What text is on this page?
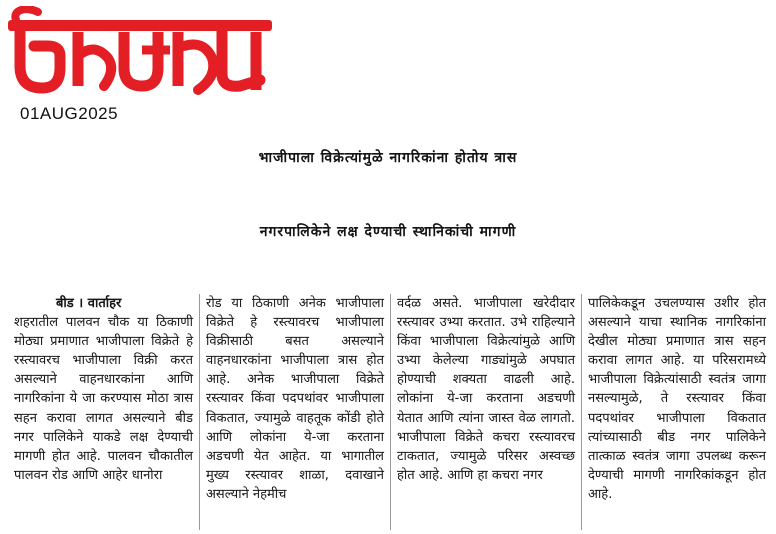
01AUG2025
भाजीपाला विक्रेत्यांमुळे नागरिकांना होतोय त्रास
नगरपालिकेने लक्ष देण्याची स्थानिकांची मागणी
बीड । वार्ताहर

शहरातील पालवन चौक या ठिकाणी मोठ्या प्रमाणात भाजीपाला विक्रेते हे रस्त्यावरच भाजीपाला विक्री करत असल्याने वाहनधारकांना आणि नागरिकांना ये जा करण्यास मोठा त्रास सहन करावा लागत असल्याने बीड नगर पालिकेने याकडे लक्ष देण्याची मागणी होत आहे. पालवन चौकातील पालवन रोड आणि आहेर धानोरा

रोड या ठिकाणी अनेक भाजीपाला विक्रेते हे रस्त्यावरच भाजीपाला विक्रीसाठी बसत असल्याने वाहनधारकांना भाजीपाला त्रास होत आहे. अनेक भाजीपाला विक्रेते रस्त्यावर किंवा पदपथांवर भाजीपाला विकतात, ज्यामुळे वाहतूक कोंडी होते आणि लोकांना ये-जा करताना अडचणी येत आहेत. या भागातील मुख्य रस्त्यावर शाळा, दवाखाने असल्याने नेहमीच

वर्दळ असते. भाजीपाला खरेदीदार रस्त्यावर उभ्या करतात. उभे राहिल्याने किंवा भाजीपाला विक्रेत्यांमुळे आणि उभ्या केलेल्या गाड्यांमुळे अपघात होण्याची शक्यता वाढली आहे. लोकांना ये-जा करताना अडचणी येतात आणि त्यांना जास्त वेळ लागतो. भाजीपाला विक्रेते कचरा रस्त्यावरच टाकतात, ज्यामुळे परिसर अस्वच्छ होत आहे. आणि हा कचरा नगर

पालिकेकडून उचलण्यास उशीर होत असल्याने याचा स्थानिक नागरिकांना देखील मोठ्या प्रमाणात त्रास सहन करावा लागत आहे. या परिसरामध्ये भाजीपाला विक्रेत्यांसाठी स्वतंत्र जागा नसल्यामुळे, ते रस्त्यावर किंवा पदपथांवर भाजीपाला विकतात त्यांच्यासाठी बीड नगर पालिकेने तात्काळ स्वतंत्र जागा उपलब्ध करून देण्याची मागणी नागरिकांकडून होत आहे.
